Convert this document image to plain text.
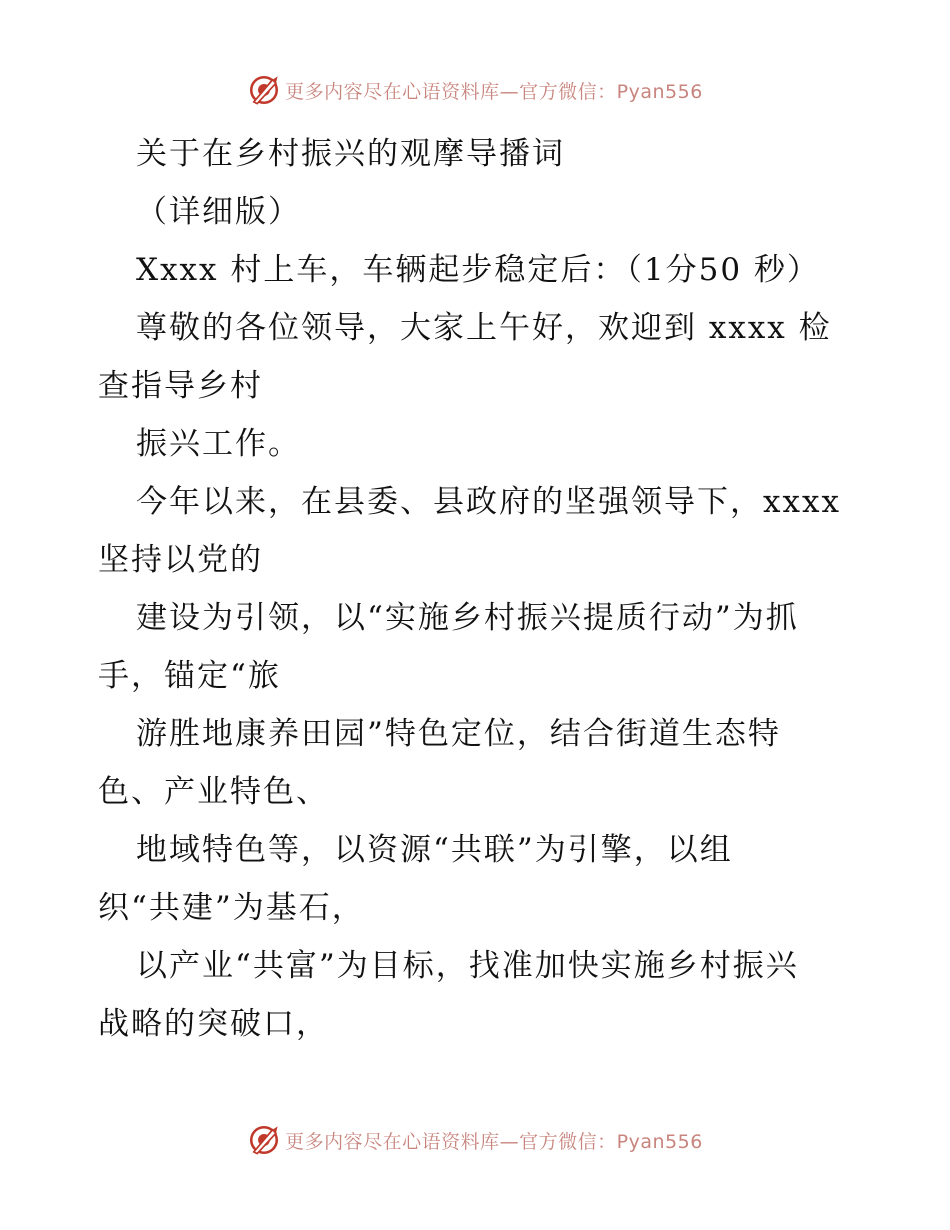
更多内容尽在心语资料库—官方微信：Pyan556
关于在乡村振兴的观摩导播词
（详细版）
Xxxx 村上车，车辆起步稳定后：（1分50 秒）
尊敬的各位领导，大家上午好，欢迎到 xxxx 检
查指导乡村
振兴工作。
今年以来，在县委、县政府的坚强领导下，xxxx
坚持以党的
建设为引领，以“实施乡村振兴提质行动”为抓
手，锚定“旅
游胜地康养田园”特色定位，结合街道生态特
色、产业特色、
地域特色等，以资源“共联”为引擎，以组
织“共建”为基石，
以产业“共富”为目标，找准加快实施乡村振兴
战略的突破口，
更多内容尽在心语资料库—官方微信：Pyan556
